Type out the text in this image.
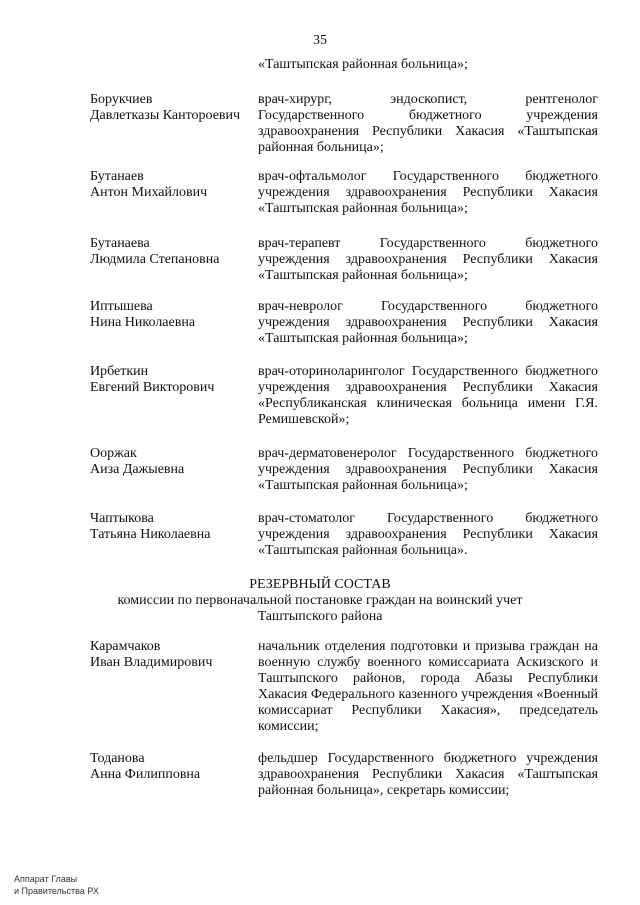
35
«Таштыпская районная больница»;
Борукчиев
Давлетказы Кантороевич
врач-хирург, эндоскопист, рентгенолог Государственного бюджетного учреждения здравоохранения Республики Хакасия «Таштыпская районная больница»;
Бутанаев
Антон Михайлович
врач-офтальмолог Государственного бюджетного учреждения здравоохранения Республики Хакасия «Таштыпская районная больница»;
Бутанаева
Людмила Степановна
врач-терапевт Государственного бюджетного учреждения здравоохранения Республики Хакасия «Таштыпская районная больница»;
Иптышева
Нина Николаевна
врач-невролог Государственного бюджетного учреждения здравоохранения Республики Хакасия «Таштыпская районная больница»;
Ирбеткин
Евгений Викторович
врач-оториноларинголог Государственного бюджетного учреждения здравоохранения Республики Хакасия «Республиканская клиническая больница имени Г.Я. Ремишевской»;
Ооржак
Аиза Дажыевна
врач-дерматовенеролог Государственного бюджетного учреждения здравоохранения Республики Хакасия «Таштыпская районная больница»;
Чаптыкова
Татьяна Николаевна
врач-стоматолог Государственного бюджетного учреждения здравоохранения Республики Хакасия «Таштыпская районная больница».
РЕЗЕРВНЫЙ СОСТАВ
комиссии по первоначальной постановке граждан на воинский учет
Таштыпского района
Карамчаков
Иван Владимирович
начальник отделения подготовки и призыва граждан на военную службу военного комиссариата Аскизского и Таштыпского районов, города Абазы Республики Хакасия Федерального казенного учреждения «Военный комиссариат Республики Хакасия», председатель комиссии;
Тоданова
Анна Филипповна
фельдшер Государственного бюджетного учреждения здравоохранения Республики Хакасия «Таштыпская районная больница», секретарь комиссии;
Аппарат Главы
и Правительства РХ
